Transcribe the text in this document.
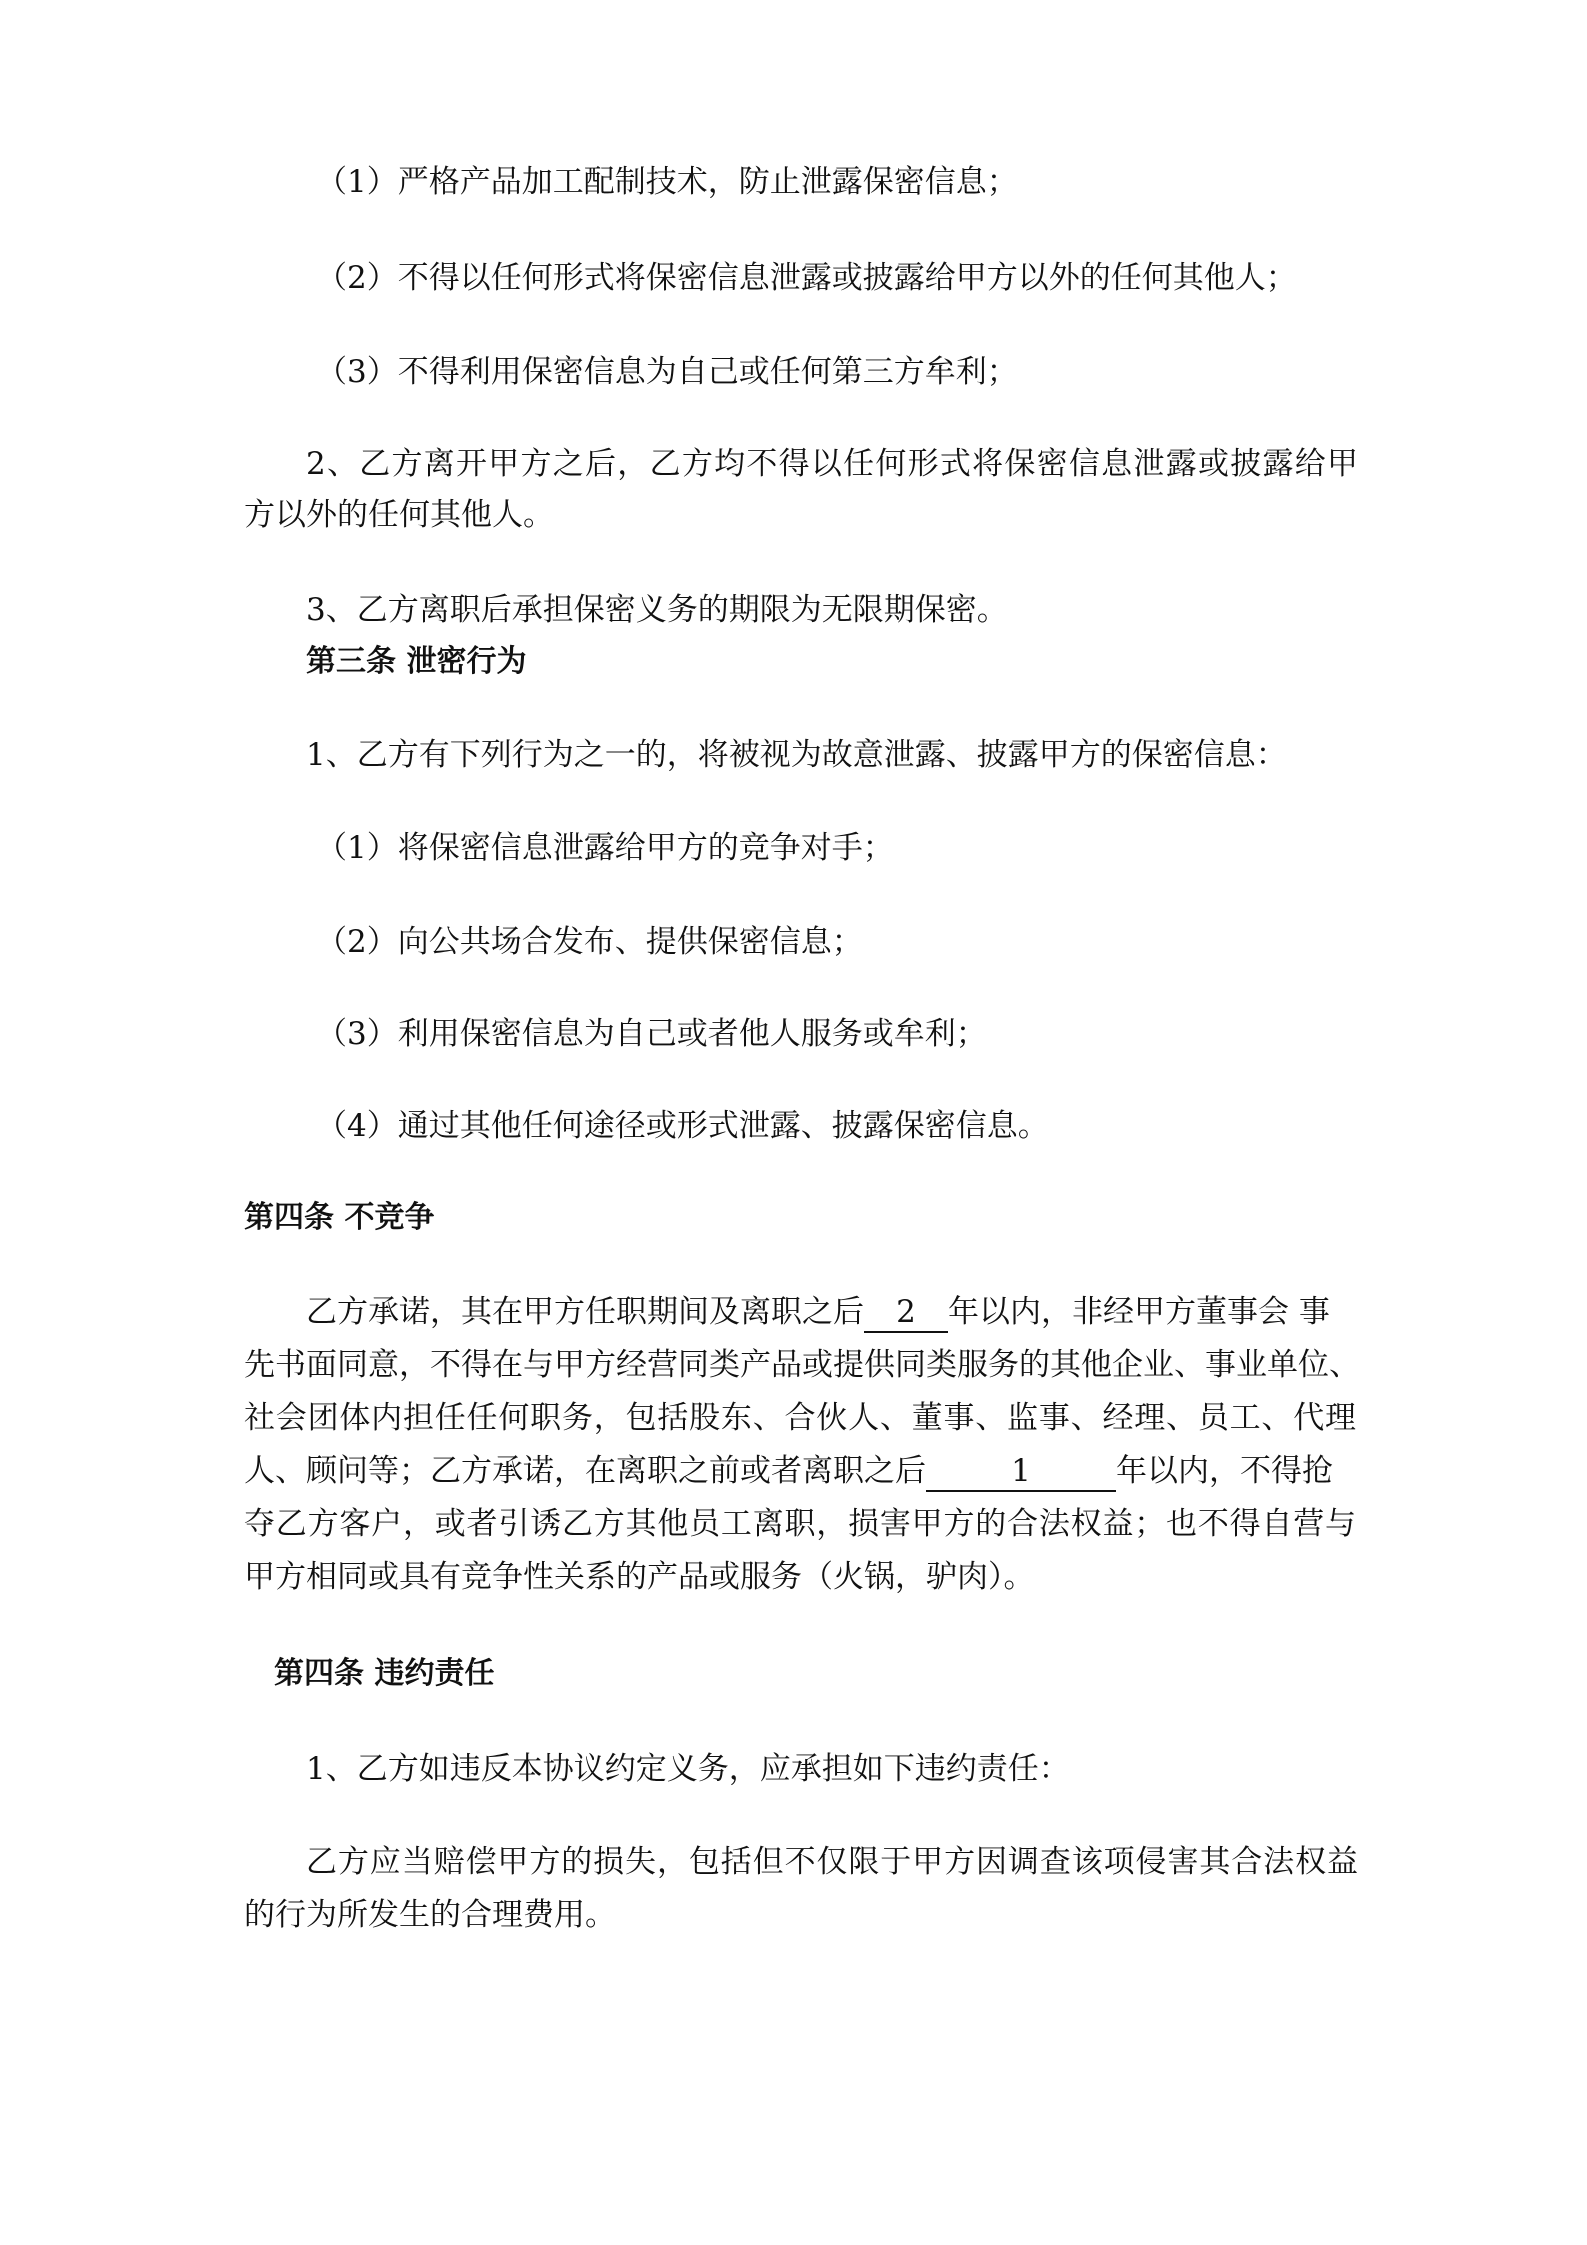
（1）严格产品加工配制技术，防止泄露保密信息；

（2）不得以任何形式将保密信息泄露或披露给甲方以外的任何其他人；

（3）不得利用保密信息为自己或任何第三方牟利；

2、乙方离开甲方之后，乙方均不得以任何形式将保密信息泄露或披露给甲

方以外的任何其他人。

3、乙方离职后承担保密义务的期限为无限期保密。

第三条 泄密行为

1、乙方有下列行为之一的，将被视为故意泄露、披露甲方的保密信息：

（1）将保密信息泄露给甲方的竞争对手；

（2）向公共场合发布、提供保密信息；

（3）利用保密信息为自己或者他人服务或牟利；

（4）通过其他任何途径或形式泄露、披露保密信息。

第四条 不竞争

乙方承诺，其在甲方任职期间及离职之后 2 年以内，非经甲方董事会 事

先书面同意，不得在与甲方经营同类产品或提供同类服务的其他企业、事业单位、

社会团体内担任任何职务，包括股东、合伙人、董事、监事、经理、员工、代理

人、顾问等；乙方承诺，在离职之前或者离职之后	1	年以内，不得抢

夺乙方客户，或者引诱乙方其他员工离职，损害甲方的合法权益；也不得自营与

甲方相同或具有竞争性关系的产品或服务（火锅，驴肉）。

第四条 违约责任

1、乙方如违反本协议约定义务，应承担如下违约责任：

乙方应当赔偿甲方的损失，包括但不仅限于甲方因调查该项侵害其合法权益

的行为所发生的合理费用。
